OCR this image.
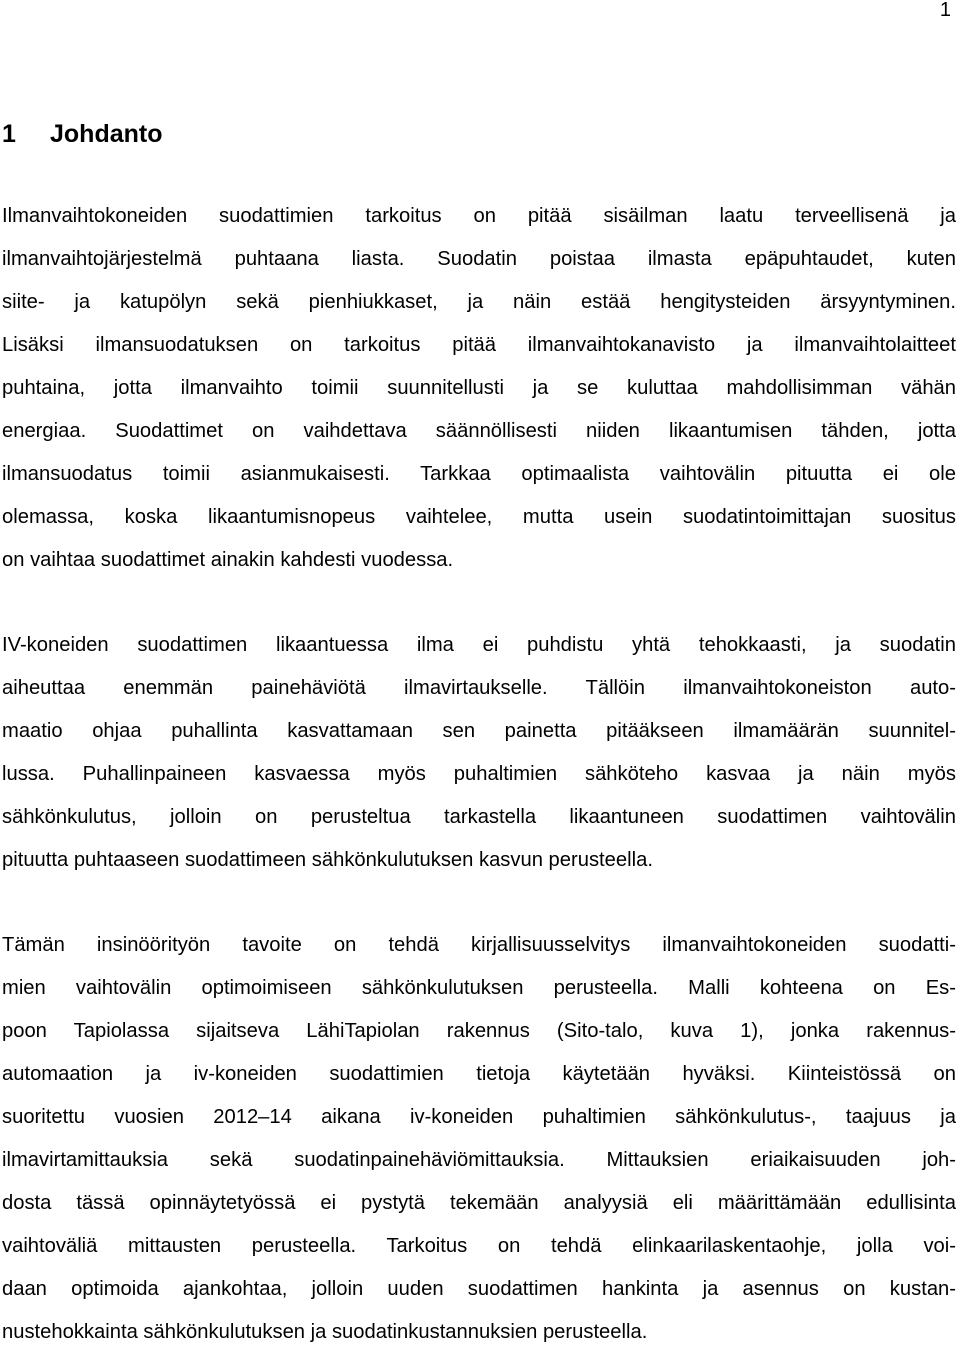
1
1 Johdanto
Ilmanvaihtokoneiden suodattimien tarkoitus on pitää sisäilman laatu terveellisenä ja
ilmanvaihtojärjestelmä puhtaana liasta. Suodatin poistaa ilmasta epäpuhtaudet, kuten
siite- ja katupölyn sekä pienhiukkaset, ja näin estää hengitysteiden ärsyyntyminen.
Lisäksi ilmansuodatuksen on tarkoitus pitää ilmanvaihtokanavisto ja ilmanvaihtolaitteet
puhtaina, jotta ilmanvaihto toimii suunnitellusti ja se kuluttaa mahdollisimman vähän
energiaa. Suodattimet on vaihdettava säännöllisesti niiden likaantumisen tähden, jotta
ilmansuodatus toimii asianmukaisesti. Tarkkaa optimaalista vaihtovälin pituutta ei ole
olemassa, koska likaantumisnopeus vaihtelee, mutta usein suodatintoimittajan suositus
on vaihtaa suodattimet ainakin kahdesti vuodessa.
IV-koneiden suodattimen likaantuessa ilma ei puhdistu yhtä tehokkaasti, ja suodatin
aiheuttaa enemmän painehäviötä ilmavirtaukselle. Tällöin ilmanvaihtokoneiston auto-
maatio ohjaa puhallinta kasvattamaan sen painetta pitääkseen ilmamäärän suunnitel-
lussa. Puhallinpaineen kasvaessa myös puhaltimien sähköteho kasvaa ja näin myös
sähkönkulutus, jolloin on perusteltua tarkastella likaantuneen suodattimen vaihtovälin
pituutta puhtaaseen suodattimeen sähkönkulutuksen kasvun perusteella.
Tämän insinöörityön tavoite on tehdä kirjallisuusselvitys ilmanvaihtokoneiden suodatti-
mien vaihtovälin optimoimiseen sähkönkulutuksen perusteella. Malli kohteena on Es-
poon Tapiolassa sijaitseva LähiTapiolan rakennus (Sito-talo, kuva 1), jonka rakennus-
automaation ja iv-koneiden suodattimien tietoja käytetään hyväksi. Kiinteistössä on
suoritettu vuosien 2012–14 aikana iv-koneiden puhaltimien sähkönkulutus-, taajuus ja
ilmavirtamittauksia sekä suodatinpainehäviömittauksia. Mittauksien eriaikaisuuden joh-
dosta tässä opinnäytetyössä ei pystytä tekemään analyysiä eli määrittämään edullisinta
vaihtoväliä mittausten perusteella. Tarkoitus on tehdä elinkaarilaskentaohje, jolla voi-
daan optimoida ajankohtaa, jolloin uuden suodattimen hankinta ja asennus on kustan-
nustehokkainta sähkönkulutuksen ja suodatinkustannuksien perusteella.
